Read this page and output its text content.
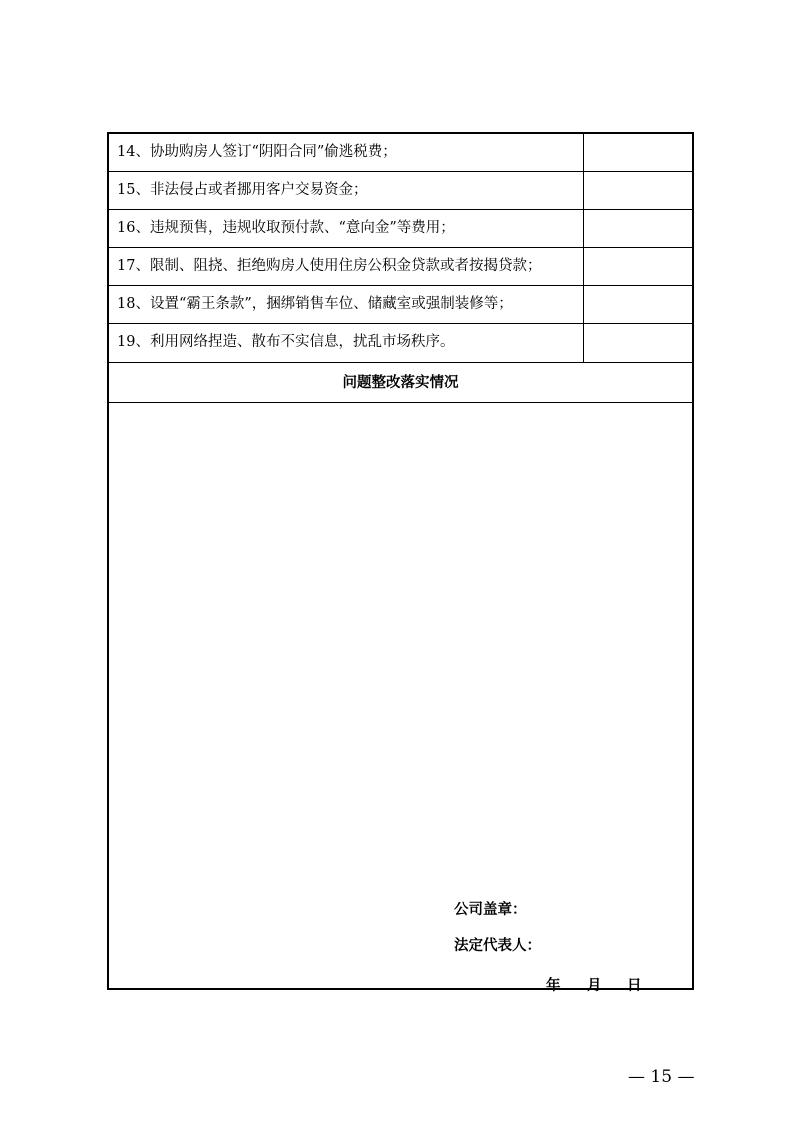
14、协助购房人签订“阴阳合同”偷逃税费；
15、非法侵占或者挪用客户交易资金；
16、违规预售，违规收取预付款、“意向金”等费用；
17、限制、阻挠、拒绝购房人使用住房公积金贷款或者按揭贷款；
18、设置“霸王条款”，捆绑销售车位、储藏室或强制装修等；
19、利用网络捏造、散布不实信息，扰乱市场秩序。
问题整改落实情况
公司盖章：
法定代表人：
年 月 日
— 15 —
